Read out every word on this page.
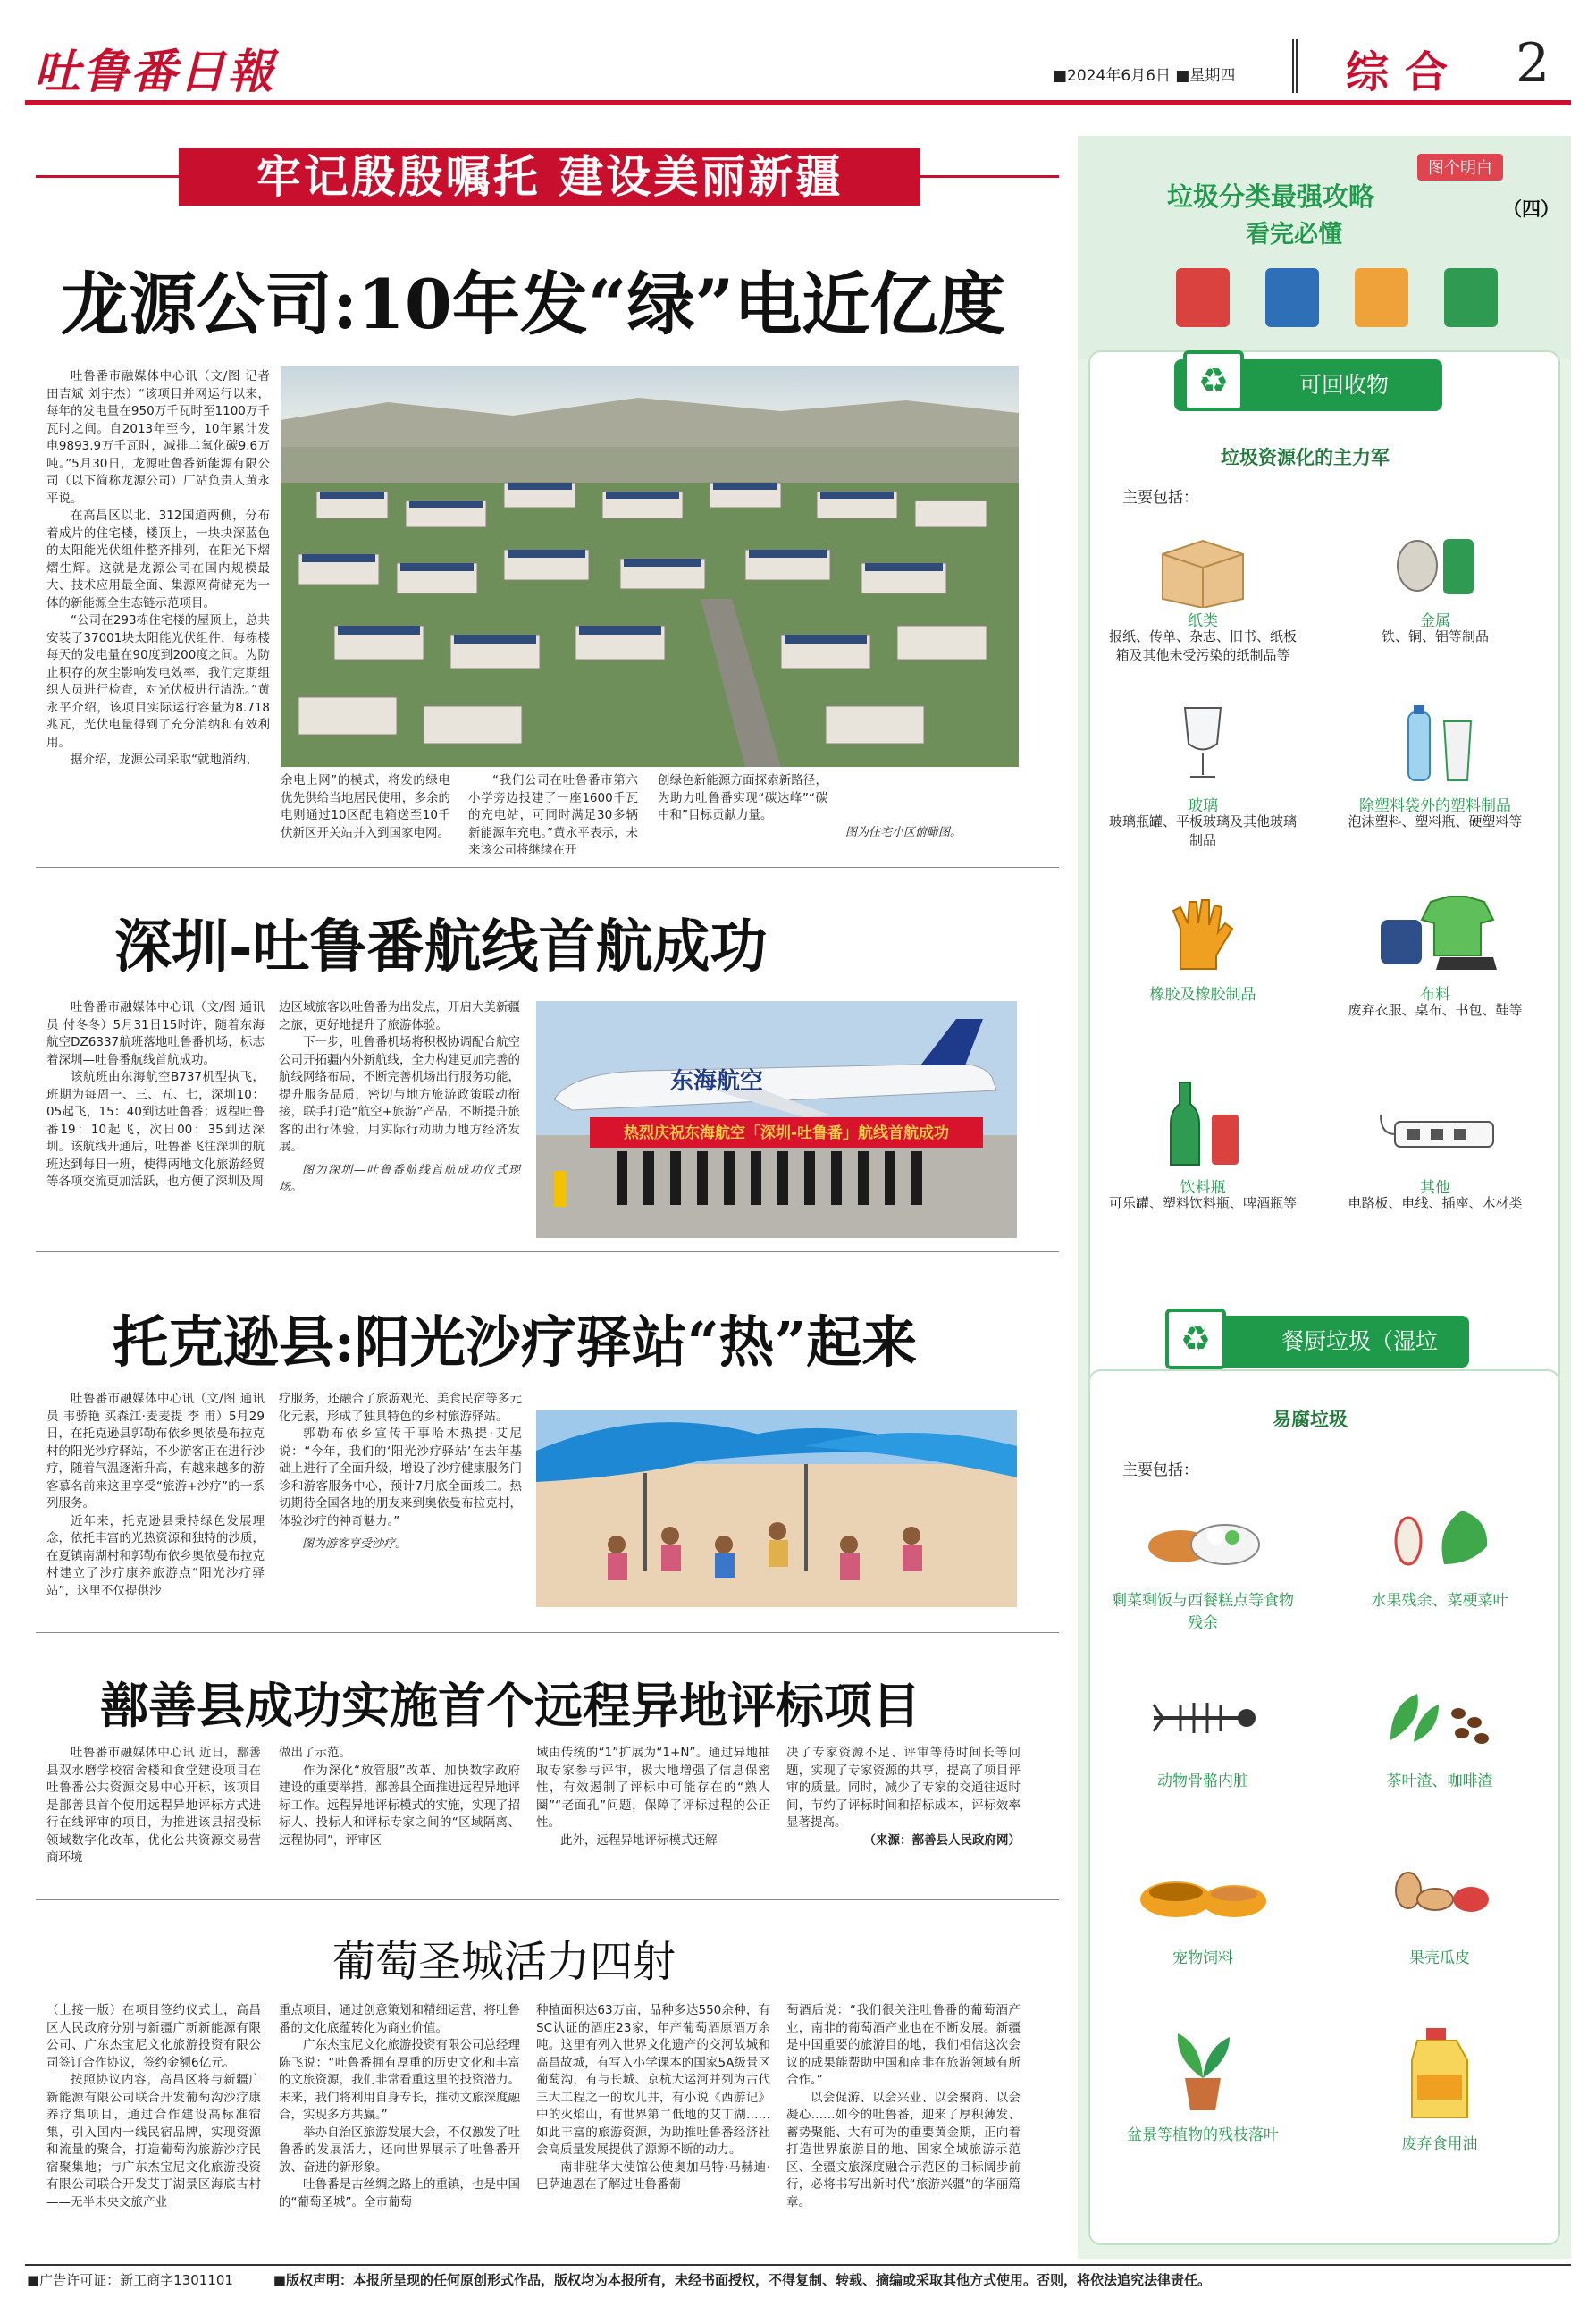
吐鲁番日報	■2024年6月6日 ■星期四	综合 2
牢记殷殷嘱托 建设美丽新疆
龙源公司:10年发“绿”电近亿度

吐鲁番市融媒体中心讯（文/图 记者 田吉斌 刘宇杰）“该项目并网运行以来，每年的发电量在950万千瓦时至1100万千瓦时之间。自2013年至今，10年累计发电9893.9万千瓦时，减排二氧化碳9.6万吨。”5月30日，龙源吐鲁番新能源有限公司（以下简称龙源公司）厂站负责人黄永平说。

在高昌区以北、312国道两侧，分布着成片的住宅楼，楼顶上，一块块深蓝色的太阳能光伏组件整齐排列，在阳光下熠熠生辉。这就是龙源公司在国内规模最大、技术应用最全面、集源网荷储充为一体的新能源全生态链示范项目。

“公司在293栋住宅楼的屋顶上，总共安装了37001块太阳能光伏组件，每栋楼每天的发电量在90度到200度之间。为防止积存的灰尘影响发电效率，我们定期组织人员进行检查，对光伏板进行清洗。”黄永平介绍，该项目实际运行容量为8.718兆瓦，光伏电量得到了充分消纳和有效利用。

据介绍，龙源公司采取“就地消纳、

余电上网”的模式，将发的绿电优先供给当地居民使用，多余的电则通过10区配电箱送至10千伏新区开关站并入到国家电网。

“我们公司在吐鲁番市第六小学旁边投建了一座1600千瓦的充电站，可同时满足30多辆新能源车充电。”黄永平表示，未来该公司将继续在开

创绿色新能源方面探索新路径，为助力吐鲁番实现“碳达峰”“碳中和”目标贡献力量。

图为住宅小区俯瞰图。
深圳-吐鲁番航线首航成功

吐鲁番市融媒体中心讯（文/图 通讯员 付冬冬）5月31日15时许，随着东海航空DZ6337航班落地吐鲁番机场，标志着深圳—吐鲁番航线首航成功。

该航班由东海航空B737机型执飞，班期为每周一、三、五、七，深圳10：05起飞，15：40到达吐鲁番；返程吐鲁番19：10起飞，次日00：35到达深圳。该航线开通后，吐鲁番飞往深圳的航班达到每日一班，使得两地文化旅游经贸等各项交流更加活跃，也方便了深圳及周

边区域旅客以吐鲁番为出发点，开启大美新疆之旅，更好地提升了旅游体验。

下一步，吐鲁番机场将积极协调配合航空公司开拓疆内外新航线，全力构建更加完善的航线网络布局，不断完善机场出行服务功能，提升服务品质，密切与地方旅游政策联动衔接，联手打造“航空+旅游”产品，不断提升旅客的出行体验，用实际行动助力地方经济发展。

图为深圳—吐鲁番航线首航成功仪式现场。

东海航空
热烈庆祝东海航空「深圳-吐鲁番」航线首航成功
托克逊县:阳光沙疗驿站“热”起来

吐鲁番市融媒体中心讯（文/图 通讯员 韦骄艳 买森江·麦麦提 李 甫）5月29日，在托克逊县郭勒布依乡奥依曼布拉克村的阳光沙疗驿站，不少游客正在进行沙疗，随着气温逐渐升高，有越来越多的游客慕名前来这里享受“旅游+沙疗”的一系列服务。

近年来，托克逊县秉持绿色发展理念，依托丰富的光热资源和独特的沙质，在夏镇南湖村和郭勒布依乡奥依曼布拉克村建立了沙疗康养旅游点“阳光沙疗驿站”，这里不仅提供沙

疗服务，还融合了旅游观光、美食民宿等多元化元素，形成了独具特色的乡村旅游驿站。

郭勒布依乡宣传干事哈木热提·艾尼说：“今年，我们的‘阳光沙疗驿站’在去年基础上进行了全面升级，增设了沙疗健康服务门诊和游客服务中心，预计7月底全面竣工。热切期待全国各地的朋友来到奥依曼布拉克村，体验沙疗的神奇魅力。”

图为游客享受沙疗。

鄯善县成功实施首个远程异地评标项目

吐鲁番市融媒体中心讯 近日，鄯善县双水磨学校宿舍楼和食堂建设项目在吐鲁番公共资源交易中心开标，该项目是鄯善县首个使用远程异地评标方式进行在线评审的项目，为推进该县招投标领域数字化改革，优化公共资源交易营商环境

做出了示范。

作为深化“放管服”改革、加快数字政府建设的重要举措，鄯善县全面推进远程异地评标工作。远程异地评标模式的实施，实现了招标人、投标人和评标专家之间的“区域隔离、远程协同”，评审区

域由传统的“1”扩展为“1+N”。通过异地抽取专家参与评审，极大地增强了信息保密性，有效遏制了评标中可能存在的“熟人圈”“老面孔”问题，保障了评标过程的公正性。

此外，远程异地评标模式还解

决了专家资源不足、评审等待时间长等问题，实现了专家资源的共享，提高了项目评审的质量。同时，减少了专家的交通往返时间，节约了评标时间和招标成本，评标效率显著提高。

（来源：鄯善县人民政府网）

葡萄圣城活力四射

（上接一版）在项目签约仪式上，高昌区人民政府分别与新疆广新新能源有限公司、广东杰宝尼文化旅游投资有限公司签订合作协议，签约金额6亿元。

按照协议内容，高昌区将与新疆广新能源有限公司联合开发葡萄沟沙疗康养疗集项目，通过合作建设高标准宿集，引入国内一线民宿品牌，实现资源和流量的聚合，打造葡萄沟旅游沙疗民宿聚集地；与广东杰宝尼文化旅游投资有限公司联合开发艾丁湖景区海底古村——无半未央文旅产业

重点项目，通过创意策划和精细运营，将吐鲁番的文化底蕴转化为商业价值。

广东杰宝尼文化旅游投资有限公司总经理陈飞说：“吐鲁番拥有厚重的历史文化和丰富的文旅资源，我们非常看重这里的投资潜力。未来，我们将利用自身专长，推动文旅深度融合，实现多方共赢。”

举办自治区旅游发展大会，不仅激发了吐鲁番的发展活力，还向世界展示了吐鲁番开放、奋进的新形象。

吐鲁番是古丝绸之路上的重镇，也是中国的“葡萄圣城”。全市葡萄

种植面积达63万亩，品种多达550余种，有SC认证的酒庄23家，年产葡萄酒原酒万余吨。这里有列入世界文化遗产的交河故城和高昌故城，有写入小学课本的国家5A级景区葡萄沟，有与长城、京杭大运河并列为古代三大工程之一的坎儿井，有小说《西游记》中的火焰山，有世界第二低地的艾丁湖……如此丰富的旅游资源，为助推吐鲁番经济社会高质量发展提供了源源不断的动力。

南非驻华大使馆公使奥加马特·马赫迪·巴萨迪恩在了解过吐鲁番葡

萄酒后说：“我们很关注吐鲁番的葡萄酒产业，南非的葡萄酒产业也在不断发展。新疆是中国重要的旅游目的地，我们相信这次会议的成果能帮助中国和南非在旅游领域有所合作。”

以会促游、以会兴业、以会聚商、以会凝心……如今的吐鲁番，迎来了厚积薄发、蓄势聚能、大有可为的重要黄金期，正向着打造世界旅游目的地、国家全域旅游示范区、全疆文旅深度融合示范区的目标阔步前行，必将书写出新时代“旅游兴疆”的华丽篇章。

图个明白
垃圾分类最强攻略
看完必懂
（四）
可回收物
♻
垃圾资源化的主力军
主要包括：
纸类
报纸、传单、杂志、旧书、纸板箱及其他未受污染的纸制品等
金属
铁、铜、铝等制品
玻璃
玻璃瓶罐、平板玻璃及其他玻璃制品
除塑料袋外的塑料制品
泡沫塑料、塑料瓶、硬塑料等
橡胶及橡胶制品	布料
废弃衣服、桌布、书包、鞋等
饮料瓶
可乐罐、塑料饮料瓶、啤酒瓶等
其他
电路板、电线、插座、木材类
餐厨垃圾（湿垃圾）
♻
易腐垃圾
主要包括：
剩菜剩饭与西餐糕点等食物残余
水果残余、菜梗菜叶
动物骨骼内脏	茶叶渣、咖啡渣
宠物饲料	果壳瓜皮
盆景等植物的残枝落叶	废弃食用油
■广告许可证：新工商字1301101	■版权声明：本报所呈现的任何原创形式作品，版权均为本报所有，未经书面授权，不得复制、转载、摘编或采取其他方式使用。否则，将依法追究法律责任。
